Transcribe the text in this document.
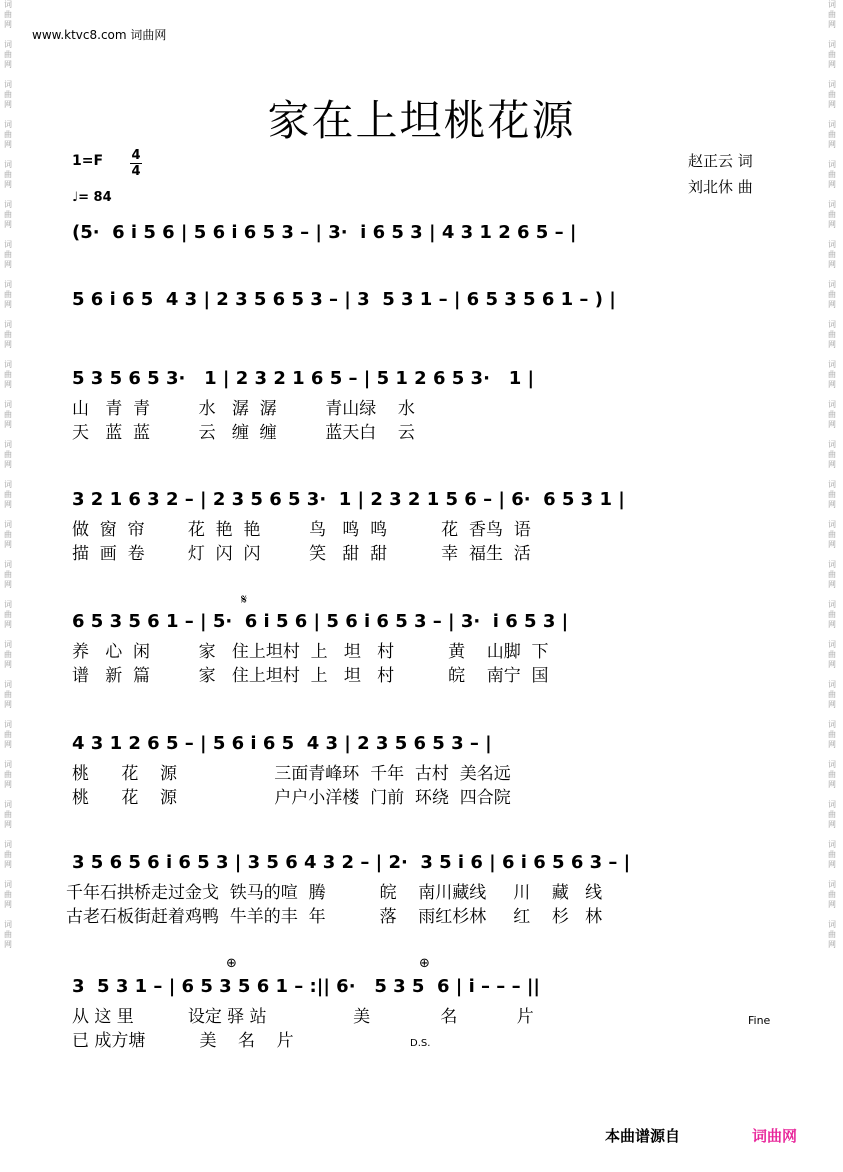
词
曲
网

词
曲
网

词
曲
网

词
曲
网

词
曲
网

词
曲
网

词
曲
网

词
曲
网

词
曲
网

词
曲
网

词
曲
网

词
曲
网

词
曲
网

词
曲
网

词
曲
网

词
曲
网

词
曲
网

词
曲
网

词
曲
网

词
曲
网

词
曲
网

词
曲
网

词
曲
网

词
曲
网

词
曲
网

词
曲
网

词
曲
网

词
曲
网

词
曲
网

词
曲
网

词
曲
网

词
曲
网

词
曲
网

词
曲
网

词
曲
网

词
曲
网

词
曲
网

词
曲
网

词
曲
网

词
曲
网

词
曲
网

词
曲
网

词
曲
网

词
曲
网

词
曲
网

词
曲
网

词
曲
网

词
曲
网

www.ktvc8.com 词曲网
家在上坦桃花源
1=F 4
4
♩= 84
赵正云 词
刘北休 曲
(5·  6 i 5 6 | 5 6 i 6 5 3 – | 3·  i 6 5 3 | 4 3 1 2 6 5 – |
5 6 i 6 5  4 3 | 2 3 5 6 5 3 – | 3  5 3 1 – | 6 5 3 5 6 1 – ) |
5 3 5 6 5 3·   1 | 2 3 2 1 6 5 – | 5 1 2 6 5 3·   1 |
山   青  青         水   潺  潺         青山绿    水
天   蓝  蓝         云   缠  缠         蓝天白    云
3 2 1 6 3 2 – | 2 3 5 6 5 3·  1 | 2 3 2 1 5 6 – | 6·  6 5 3 1 |
做  窗  帘        花  艳  艳         鸟   鸣  鸣          花  香鸟  语
描  画  卷        灯  闪  闪         笑   甜  甜          幸  福生  活
𝄋
6 5 3 5 6 1 – | 5·  6 i 5 6 | 5 6 i 6 5 3 – | 3·  i 6 5 3 |
养   心  闲         家   住上坦村  上   坦   村          黄    山脚  下
谱   新  篇         家   住上坦村  上   坦   村          皖    南宁  国
4 3 1 2 6 5 – | 5 6 i 6 5  4 3 | 2 3 5 6 5 3 – |
桃      花    源                  三面青峰环  千年  古村  美名远
桃      花    源                  户户小洋楼  门前  环绕  四合院
3 5 6 5 6 i 6 5 3 | 3 5 6 4 3 2 – | 2·  3 5 i 6 | 6 i 6 5 6 3 – |
千年石拱桥走过金戈  铁马的喧  腾          皖    南川藏线     川    藏   线
古老石板街赶着鸡鸭  牛羊的丰  年          落    雨红杉林     红    杉   林
⊕	⊕
3  5 3 1 – | 6 5 3 5 6 1 – :|| 6·   5 3 5  6 | i – – – ||
从 这 里          设定 驿 站                美             名           片
已 成方塘          美    名    片
Fine
D.S.
本曲谱源自	词曲网
